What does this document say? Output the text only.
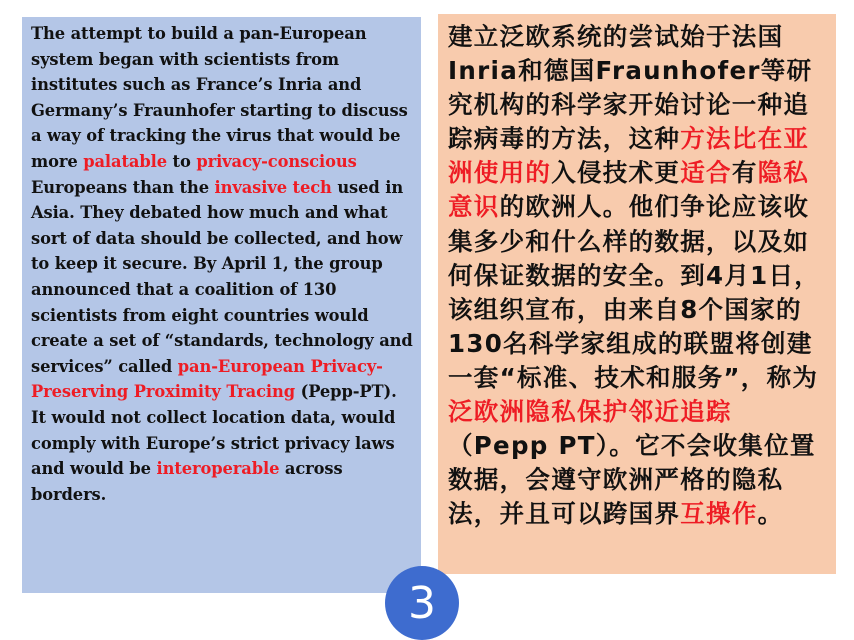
The attempt to build a pan-European system began with scientists from institutes such as France’s Inria and Germany’s Fraunhofer starting to discuss a way of tracking the virus that would be more palatable to privacy-conscious Europeans than the invasive tech used in Asia. They debated how much and what sort of data should be collected, and how to keep it secure. By April 1, the group announced that a coalition of 130 scientists from eight countries would create a set of “standards, technology and services” called pan-European Privacy-Preserving Proximity Tracing (Pepp-PT). It would not collect location data, would comply with Europe’s strict privacy laws and would be interoperable across borders.

建立泛欧系统的尝试始于法国Inria和德国Fraunhofer等研究机构的科学家开始讨论一种追踪病毒的方法，这种方法比在亚洲使用的入侵技术更适合有隐私意识的欧洲人。他们争论应该收集多少和什么样的数据，以及如何保证数据的安全。到4月1日，该组织宣布，由来自8个国家的130名科学家组成的联盟将创建一套“标准、技术和服务”，称为泛欧洲隐私保护邻近追踪（Pepp PT）。它不会收集位置数据，会遵守欧洲严格的隐私法，并且可以跨国界互操作。

3
